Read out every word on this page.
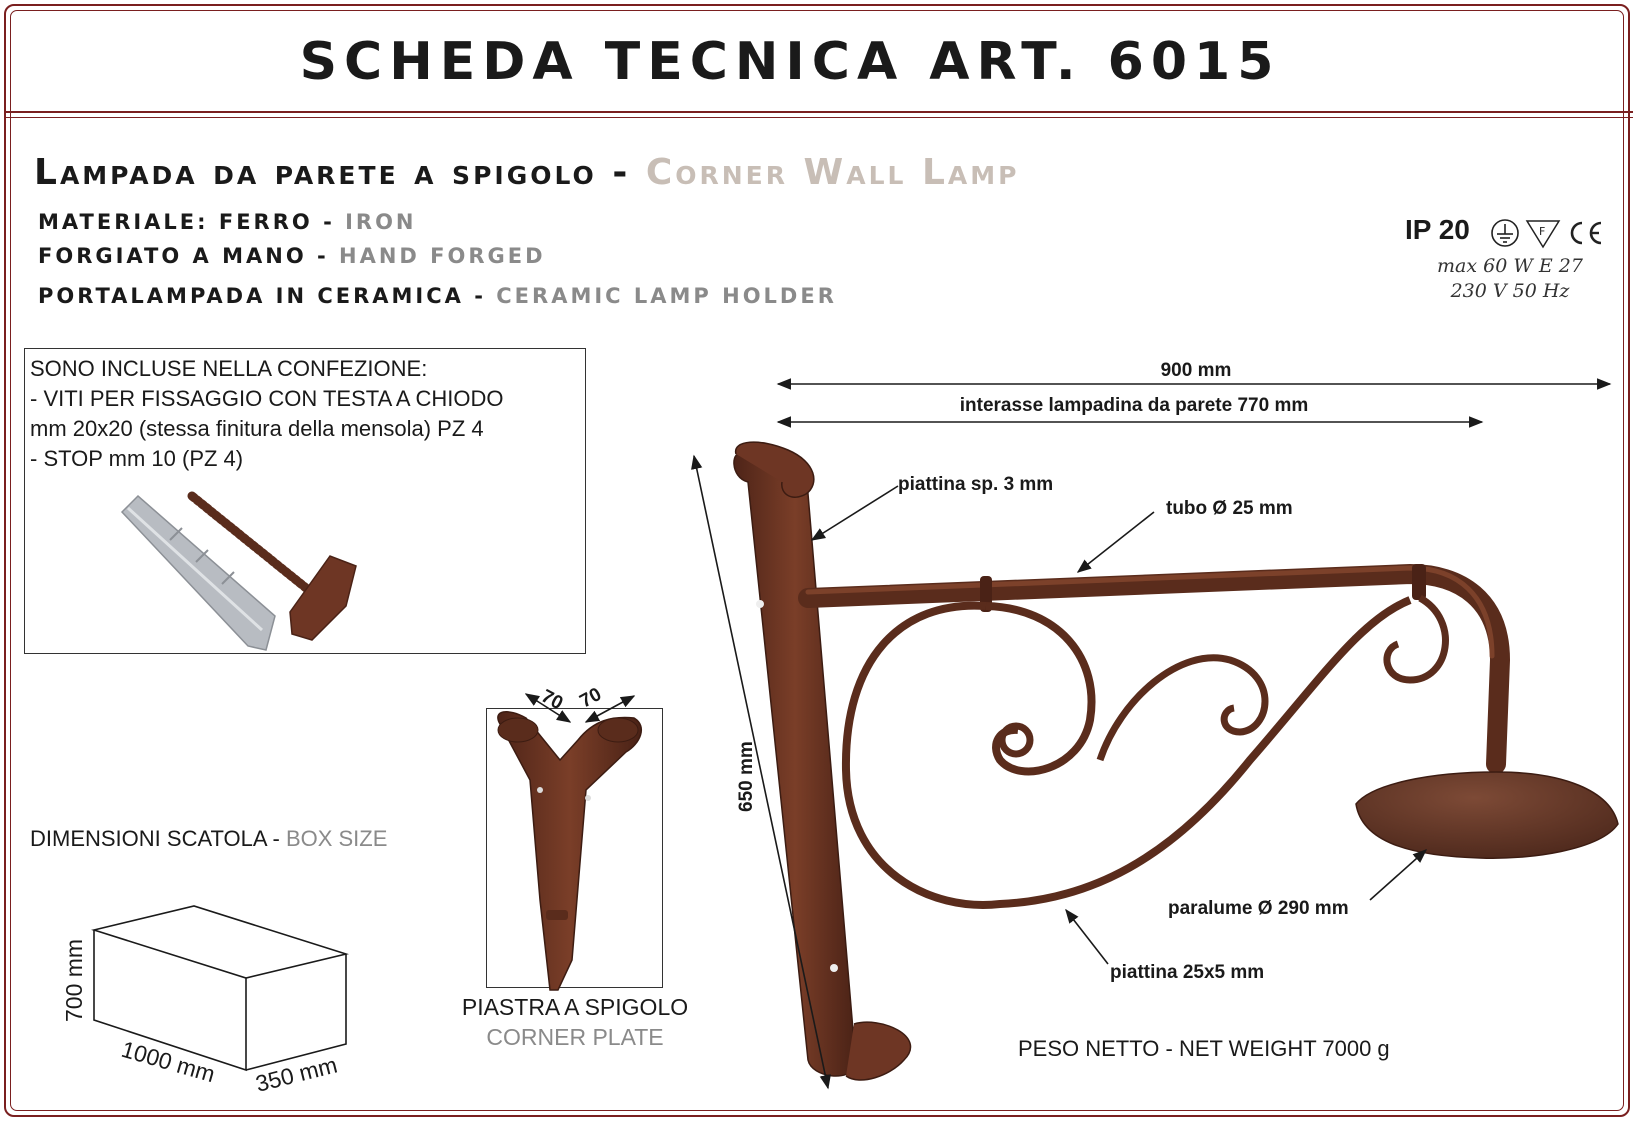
SCHEDA TECNICA ART. 6015
Lampada da parete a spigolo - Corner Wall Lamp
MATERIALE: FERRO - IRON
FORGIATO A MANO - HAND FORGED
PORTALAMPADA IN CERAMICA - CERAMIC LAMP HOLDER
IP 20	F
max 60 W E 27
230 V 50 Hz
SONO INCLUSE NELLA CONFEZIONE:
- VITI PER FISSAGGIO CON TESTA A CHIODO
mm 20x20 (stessa finitura della mensola) PZ 4
- STOP mm 10 (PZ 4)
DIMENSIONI SCATOLA - BOX SIZE
PIASTRA A SPIGOLO
CORNER PLATE	PESO NETTO - NET WEIGHT 7000 g
70 70
700 mm
1000 mm 350 mm
900 mm
interasse lampadina da parete 770 mm
650 mm
piattina sp. 3 mm
tubo Ø 25 mm
paralume Ø 290 mm
piattina 25x5 mm
